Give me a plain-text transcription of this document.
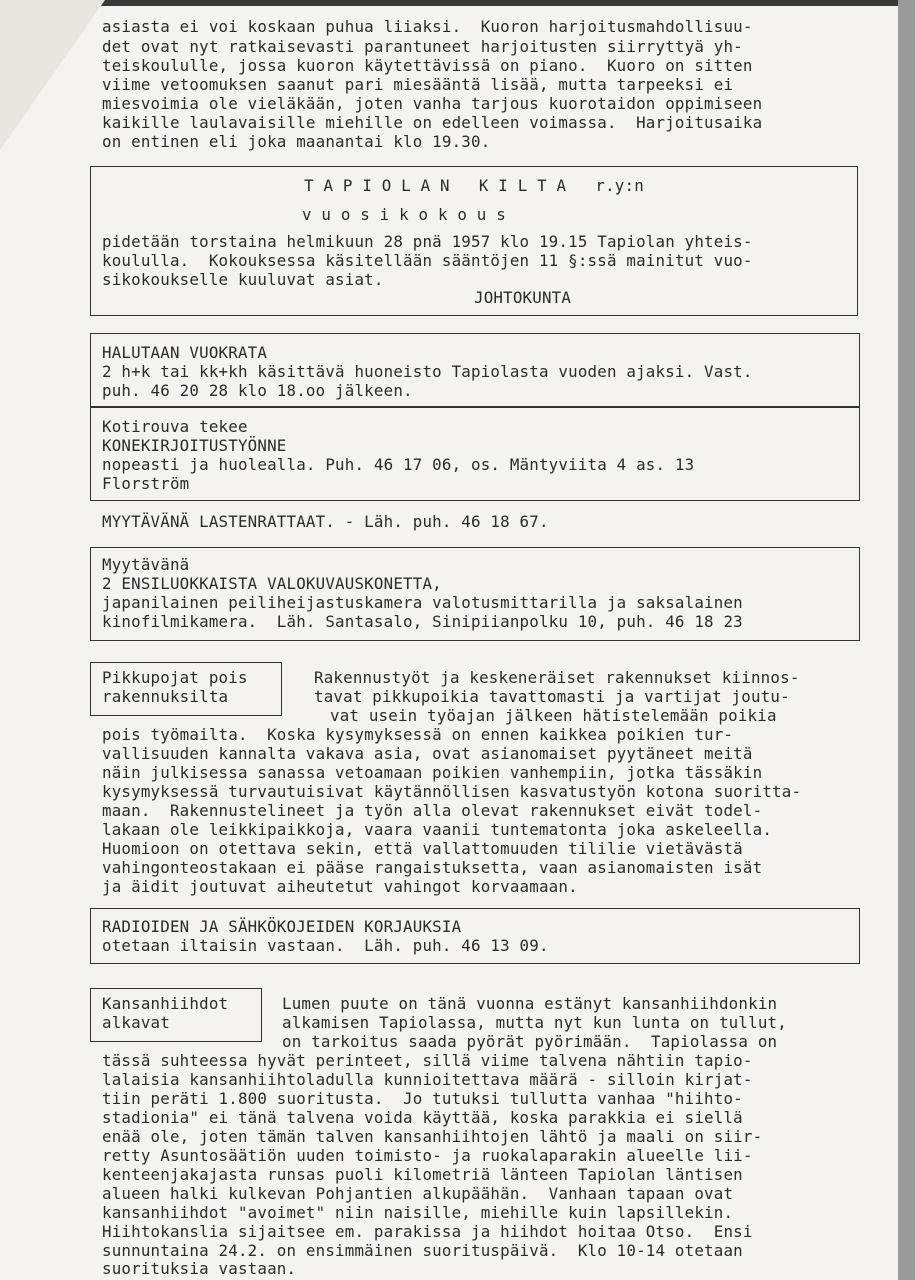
asiasta ei voi koskaan puhua liiaksi.  Kuoron harjoitusmahdollisuu-
det ovat nyt ratkaisevasti parantuneet harjoitusten siirryttyä yh-
teiskoululle, jossa kuoron käytettävissä on piano.  Kuoro on sitten
viime vetoomuksen saanut pari miesääntä lisää, mutta tarpeeksi ei
miesvoimia ole vieläkään, joten vanha tarjous kuorotaidon oppimiseen
kaikille laulavaisille miehille on edelleen voimassa.  Harjoitusaika
on entinen eli joka maanantai klo 19.30.
T A P I O L A N   K I L T A   r.y:n
v u o s i k o k o u s
pidetään torstaina helmikuun 28 pnä 1957 klo 19.15 Tapiolan yhteis-
koululla.  Kokouksessa käsitellään sääntöjen 11 §:ssä mainitut vuo-
sikokoukselle kuuluvat asiat.
JOHTOKUNTA
HALUTAAN VUOKRATA
2 h+k tai kk+kh käsittävä huoneisto Tapiolasta vuoden ajaksi. Vast.
puh. 46 20 28 klo 18.oo jälkeen.
Kotirouva tekee
KONEKIRJOITUSTYÖNNE
nopeasti ja huolealla. Puh. 46 17 06, os. Mäntyviita 4 as. 13
Florström
MYYTÄVÄNÄ LASTENRATTAAT. - Läh. puh. 46 18 67.
Myytävänä
2 ENSILUOKKAISTA VALOKUVAUSKONETTA,
japanilainen peiliheijastuskamera valotusmittarilla ja saksalainen
kinofilmikamera.  Läh. Santasalo, Sinipiianpolku 10, puh. 46 18 23
Pikkupojat pois
rakennuksilta
Rakennustyöt ja keskeneräiset rakennukset kiinnos-
tavat pikkupoikia tavattomasti ja vartijat joutu-
vat usein työajan jälkeen hätistelemään poikia
pois työmailta.  Koska kysymyksessä on ennen kaikkea poikien tur-
vallisuuden kannalta vakava asia, ovat asianomaiset pyytäneet meitä
näin julkisessa sanassa vetoamaan poikien vanhempiin, jotka tässäkin
kysymyksessä turvautuisivat käytännöllisen kasvatustyön kotona suoritta-
maan.  Rakennustelineet ja työn alla olevat rakennukset eivät todel-
lakaan ole leikkipaikkoja, vaara vaanii tuntematonta joka askeleella.
Huomioon on otettava sekin, että vallattomuuden tililie vietävästä
vahingonteostakaan ei pääse rangaistuksetta, vaan asianomaisten isät
ja äidit joutuvat aiheutetut vahingot korvaamaan.
RADIOIDEN JA SÄHKÖKOJEIDEN KORJAUKSIA
otetaan iltaisin vastaan.  Läh. puh. 46 13 09.
Kansanhiihdot
alkavat
Lumen puute on tänä vuonna estänyt kansanhiihdonkin
alkamisen Tapiolassa, mutta nyt kun lunta on tullut,
on tarkoitus saada pyörät pyörimään.  Tapiolassa on
tässä suhteessa hyvät perinteet, sillä viime talvena nähtiin tapio-
lalaisia kansanhiihtoladulla kunnioitettava määrä - silloin kirjat-
tiin peräti 1.800 suoritusta.  Jo tutuksi tullutta vanhaa "hiihto-
stadionia" ei tänä talvena voida käyttää, koska parakkia ei siellä
enää ole, joten tämän talven kansanhiihtojen lähtö ja maali on siir-
retty Asuntosäätiön uuden toimisto- ja ruokalaparakin alueelle lii-
kenteenjakajasta runsas puoli kilometriä länteen Tapiolan läntisen
alueen halki kulkevan Pohjantien alkupäähän.  Vanhaan tapaan ovat
kansanhiihdot "avoimet" niin naisille, miehille kuin lapsillekin.
Hiihtokanslia sijaitsee em. parakissa ja hiihdot hoitaa Otso.  Ensi
sunnuntaina 24.2. on ensimmäinen suorituspäivä.  Klo 10-14 otetaan
suorituksia vastaan.
